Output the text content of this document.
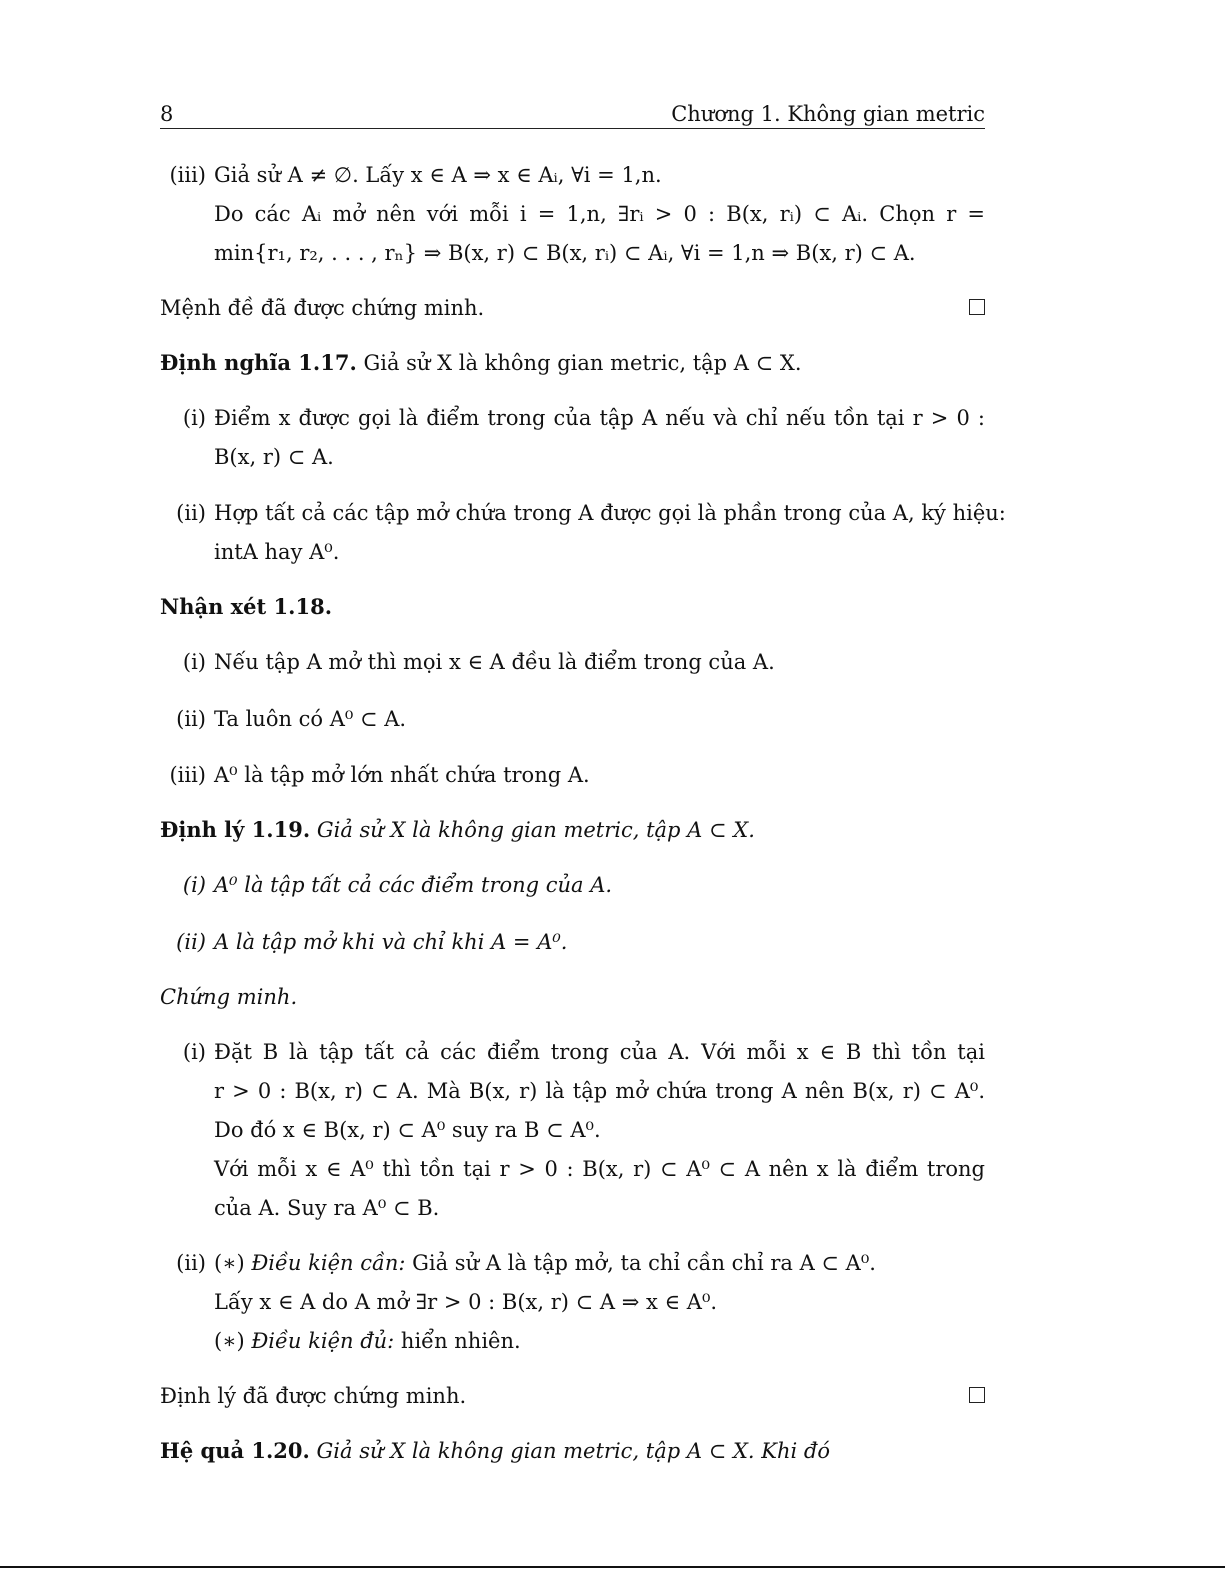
8	Chương 1. Không gian metric
(iii) Giả sử A ≠ ∅. Lấy x ∈ A ⇒ x ∈ Aᵢ, ∀i = 1,n.
Do các Aᵢ mở nên với mỗi i = 1,n, ∃rᵢ > 0 : B(x, rᵢ) ⊂ Aᵢ. Chọn r =
min{r₁, r₂, . . . , rₙ} ⇒ B(x, r) ⊂ B(x, rᵢ) ⊂ Aᵢ, ∀i = 1,n ⇒ B(x, r) ⊂ A.
Mệnh đề đã được chứng minh.
Định nghĩa 1.17. Giả sử X là không gian metric, tập A ⊂ X.
(i) Điểm x được gọi là điểm trong của tập A nếu và chỉ nếu tồn tại r > 0 :
B(x, r) ⊂ A.
(ii) Hợp tất cả các tập mở chứa trong A được gọi là phần trong của A, ký hiệu:
intA hay A⁰.
Nhận xét 1.18.
(i) Nếu tập A mở thì mọi x ∈ A đều là điểm trong của A.
(ii) Ta luôn có A⁰ ⊂ A.
(iii) A⁰ là tập mở lớn nhất chứa trong A.
Định lý 1.19. Giả sử X là không gian metric, tập A ⊂ X.
(i) A⁰ là tập tất cả các điểm trong của A.
(ii) A là tập mở khi và chỉ khi A = A⁰.
Chứng minh.
(i) Đặt B là tập tất cả các điểm trong của A. Với mỗi x ∈ B thì tồn tại
r > 0 : B(x, r) ⊂ A. Mà B(x, r) là tập mở chứa trong A nên B(x, r) ⊂ A⁰.
Do đó x ∈ B(x, r) ⊂ A⁰ suy ra B ⊂ A⁰.
Với mỗi x ∈ A⁰ thì tồn tại r > 0 : B(x, r) ⊂ A⁰ ⊂ A nên x là điểm trong
của A. Suy ra A⁰ ⊂ B.
(ii) (∗) Điều kiện cần: Giả sử A là tập mở, ta chỉ cần chỉ ra A ⊂ A⁰.
Lấy x ∈ A do A mở ∃r > 0 : B(x, r) ⊂ A ⇒ x ∈ A⁰.
(∗) Điều kiện đủ: hiển nhiên.
Định lý đã được chứng minh.
Hệ quả 1.20. Giả sử X là không gian metric, tập A ⊂ X. Khi đó
